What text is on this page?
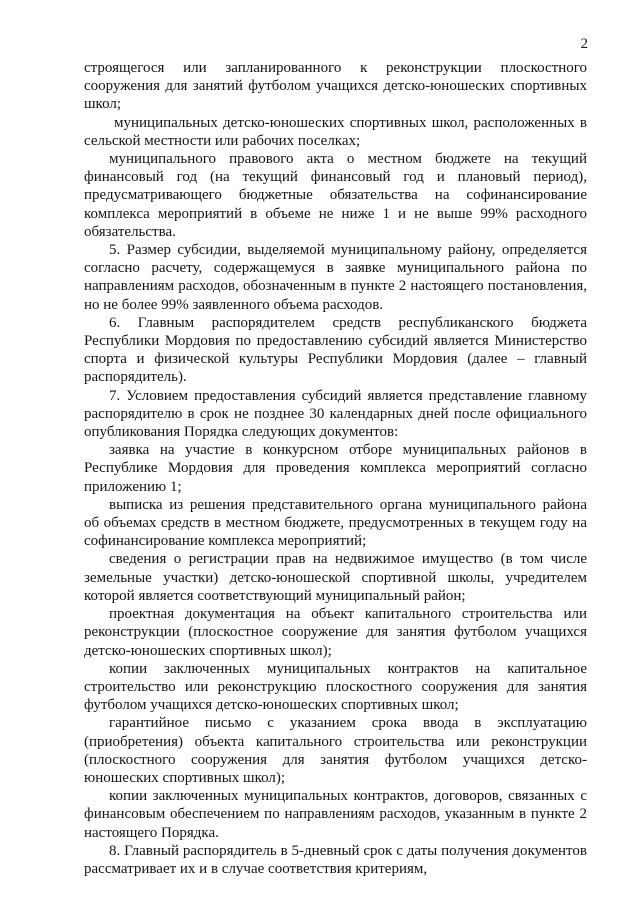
2

строящегося или запланированного к реконструкции плоскостного сооружения для занятий футболом учащихся детско-юношеских спортивных школ;

муниципальных детско-юношеских спортивных школ, расположенных в сельской местности или рабочих поселках;

муниципального правового акта о местном бюджете на текущий финансовый год (на текущий финансовый год и плановый период), предусматривающего бюджетные обязательства на софинансирование комплекса мероприятий в объеме не ниже 1 и не выше 99% расходного обязательства.

5. Размер субсидии, выделяемой муниципальному району, определяется согласно расчету, содержащемуся в заявке муниципального района по направлениям расходов, обозначенным в пункте 2 настоящего постановления, но не более 99% заявленного объема расходов.

6. Главным распорядителем средств республиканского бюджета Республики Мордовия по предоставлению субсидий является Министерство спорта и физической культуры Республики Мордовия (далее – главный распорядитель).

7. Условием предоставления субсидий является представление главному распорядителю в срок не позднее 30 календарных дней после официального опубликования Порядка следующих документов:

заявка на участие в конкурсном отборе муниципальных районов в Республике Мордовия для проведения комплекса мероприятий согласно приложению 1;

выписка из решения представительного органа муниципального района об объемах средств в местном бюджете, предусмотренных в текущем году на софинансирование комплекса мероприятий;

сведения о регистрации прав на недвижимое имущество (в том числе земельные участки) детско-юношеской спортивной школы, учредителем которой является соответствующий муниципальный район;

проектная документация на объект капитального строительства или реконструкции (плоскостное сооружение для занятия футболом учащихся детско-юношеских спортивных школ);

копии заключенных муниципальных контрактов на капитальное строительство или реконструкцию плоскостного сооружения для занятия футболом учащихся детско-юношеских спортивных школ;

гарантийное письмо с указанием срока ввода в эксплуатацию (приобретения) объекта капитального строительства или реконструкции (плоскостного сооружения для занятия футболом учащихся детско-юношеских спортивных школ);

копии заключенных муниципальных контрактов, договоров, связанных с финансовым обеспечением по направлениям расходов, указанным в пункте 2 настоящего Порядка.

8. Главный распорядитель в 5-дневный срок с даты получения документов рассматривает их и в случае соответствия критериям,
